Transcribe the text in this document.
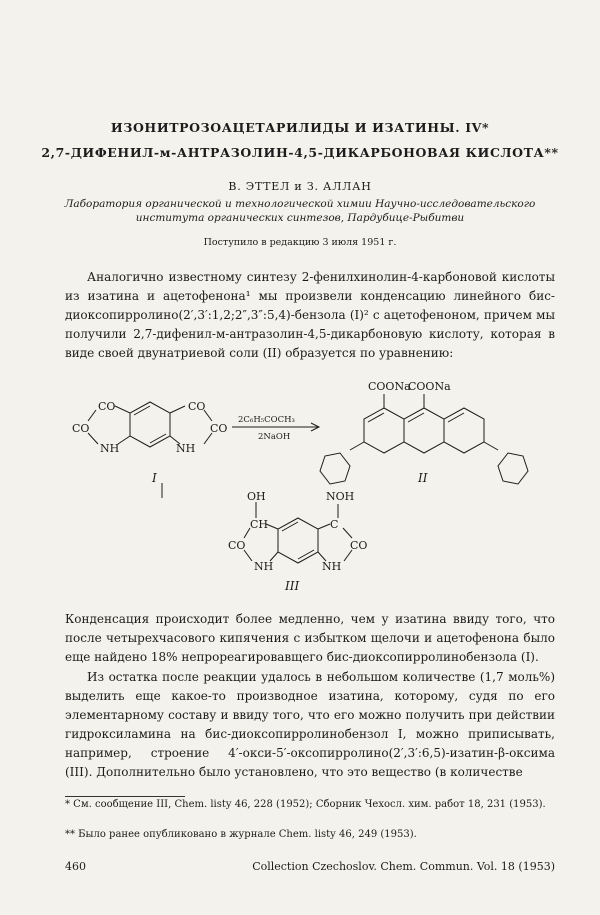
ИЗОНИТРОЗОАЦЕТАРИЛИДЫ И ИЗАТИНЫ. IV*
2,7-ДИФЕНИЛ-м-АНТРАЗОЛИН-4,5-ДИКАРБОНОВАЯ КИСЛОТА**
В. ЭТТЕЛ и З. АЛЛАН
Лаборатория органической и технологической химии Научно-исследовательского
института органических синтезов, Пардубице-Рыбитви
Поступило в редакцию 3 июля 1951 г.

Аналогично известному синтезу 2-фенилхинолин-4-карбоновой кислоты из изатина и ацетофенона¹ мы произвели конденсацию линейного бис-диоксопирролино(2′,3′:1,2;2″,3″:5,4)-бензола (I)² с ацетофеноном, причем мы получили 2,7-дифенил-м-антразолин-4,5-дикарбоновую кислоту, которая в виде своей двунатриевой соли (II) образуется по уравнению:

CO	CO
CO	CO
NH	NH
I
2C₆H₅COCH₃
2NaOH
COONa
COONa
II
OH	NOH
CH	C
CO	CO
NH	NH
III

Конденсация происходит более медленно, чем у изатина ввиду того, что после четырехчасового кипячения с избытком щелочи и ацетофенона было еще найдено 18% непрореагировавщего бис-диоксопирролинобензола (I).

Из остатка после реакции удалось в небольшом количестве (1,7 моль%) выделить еще какое-то производное изатина, которому, судя по его элементарному составу и ввиду того, что его можно получить при действии гидроксиламина на бис-диоксопирролинобензол I, можно приписывать, например, строение 4′-окси-5′-оксопирролино(2′,3′:6,5)-изатин-β-оксима (III). Дополнительно было установлено, что это вещество (в количестве

* См. сообщение III, Chem. listy 46, 228 (1952); Сборник Чехосл. хим. работ 18, 231 (1953).

** Было ранее опубликовано в журнале Chem. listy 46, 249 (1953).

460	Collection Czechoslov. Chem. Commun. Vol. 18 (1953)
